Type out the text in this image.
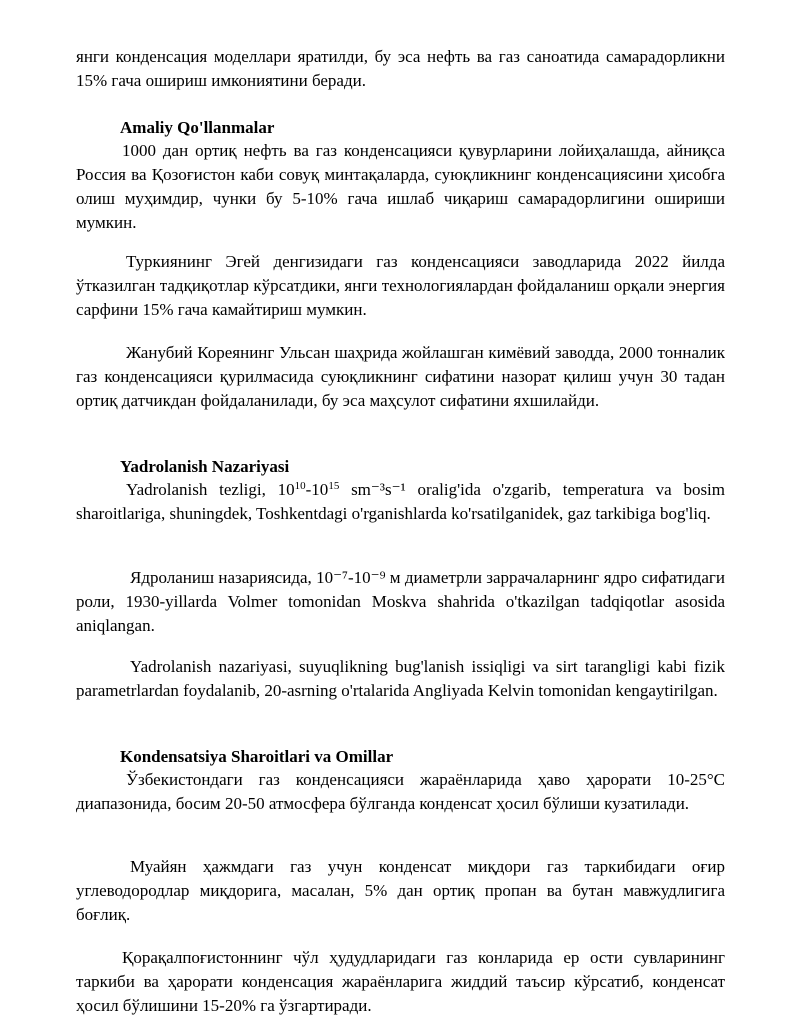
янги конденсация моделлари яратилди, бу эса нефть ва газ саноатида самарадорликни 15% гача ошириш имкониятини беради.

Amaliy Qo'llanmalar

1000 дан ортиқ нефть ва газ конденсацияси қувурларини лойиҳалашда, айниқса Россия ва Қозоғистон каби совуқ минтақаларда, суюқликнинг конденсациясини ҳисобга олиш муҳимдир, чунки бу 5-10% гача ишлаб чиқариш самарадорлигини ошириши мумкин.

Туркиянинг Эгей денгизидаги газ конденсацияси заводларида 2022 йилда ўтказилган тадқиқотлар кўрсатдики, янги технологиялардан фойдаланиш орқали энергия сарфини 15% гача камайтириш мумкин.

Жанубий Кореянинг Ульсан шаҳрида жойлашган кимёвий заводда, 2000 тонналик газ конденсацияси қурилмасида суюқликнинг сифатини назорат қилиш учун 30 тадан ортиқ датчикдан фойдаланилади, бу эса маҳсулот сифатини яхшилайди.

Yadrolanish Nazariyasi

Yadrolanish tezligi, $10^{10}-10^{15}$ sm⁻³s⁻¹ oralig'ida o'zgarib, temperatura va bosim sharoitlariga, shuningdek, Toshkentdagi o'rganishlarda ko'rsatilganidek, gaz tarkibiga bog'liq.

Ядроланиш назариясида, 10⁻⁷-10⁻⁹ м диаметрли заррачаларнинг ядро сифатидаги роли, 1930-yillarda Volmer tomonidan Moskva shahrida o'tkazilgan tadqiqotlar asosida aniqlangan.

Yadrolanish nazariyasi, suyuqlikning bug'lanish issiqligi va sirt tarangligi kabi fizik parametrlardan foydalanib, 20-asrning o'rtalarida Angliyada Kelvin tomonidan kengaytirilgan.

Kondensatsiya Sharoitlari va Omillar

Ўзбекистондаги газ конденсацияси жараёнларида ҳаво ҳарорати 10-25°C диапазонида, босим 20-50 атмосфера бўлганда конденсат ҳосил бўлиши кузатилади.

Муайян ҳажмдаги газ учун конденсат миқдори газ таркибидаги оғир углеводородлар миқдорига, масалан, 5% дан ортиқ пропан ва бутан мавжудлигига боғлиқ.

Қорақалпоғистоннинг чўл ҳудудларидаги газ конларида ер ости сувларининг таркиби ва ҳарорати конденсация жараёнларига жиддий таъсир кўрсатиб, конденсат ҳосил бўлишини 15-20% га ўзгартиради.
